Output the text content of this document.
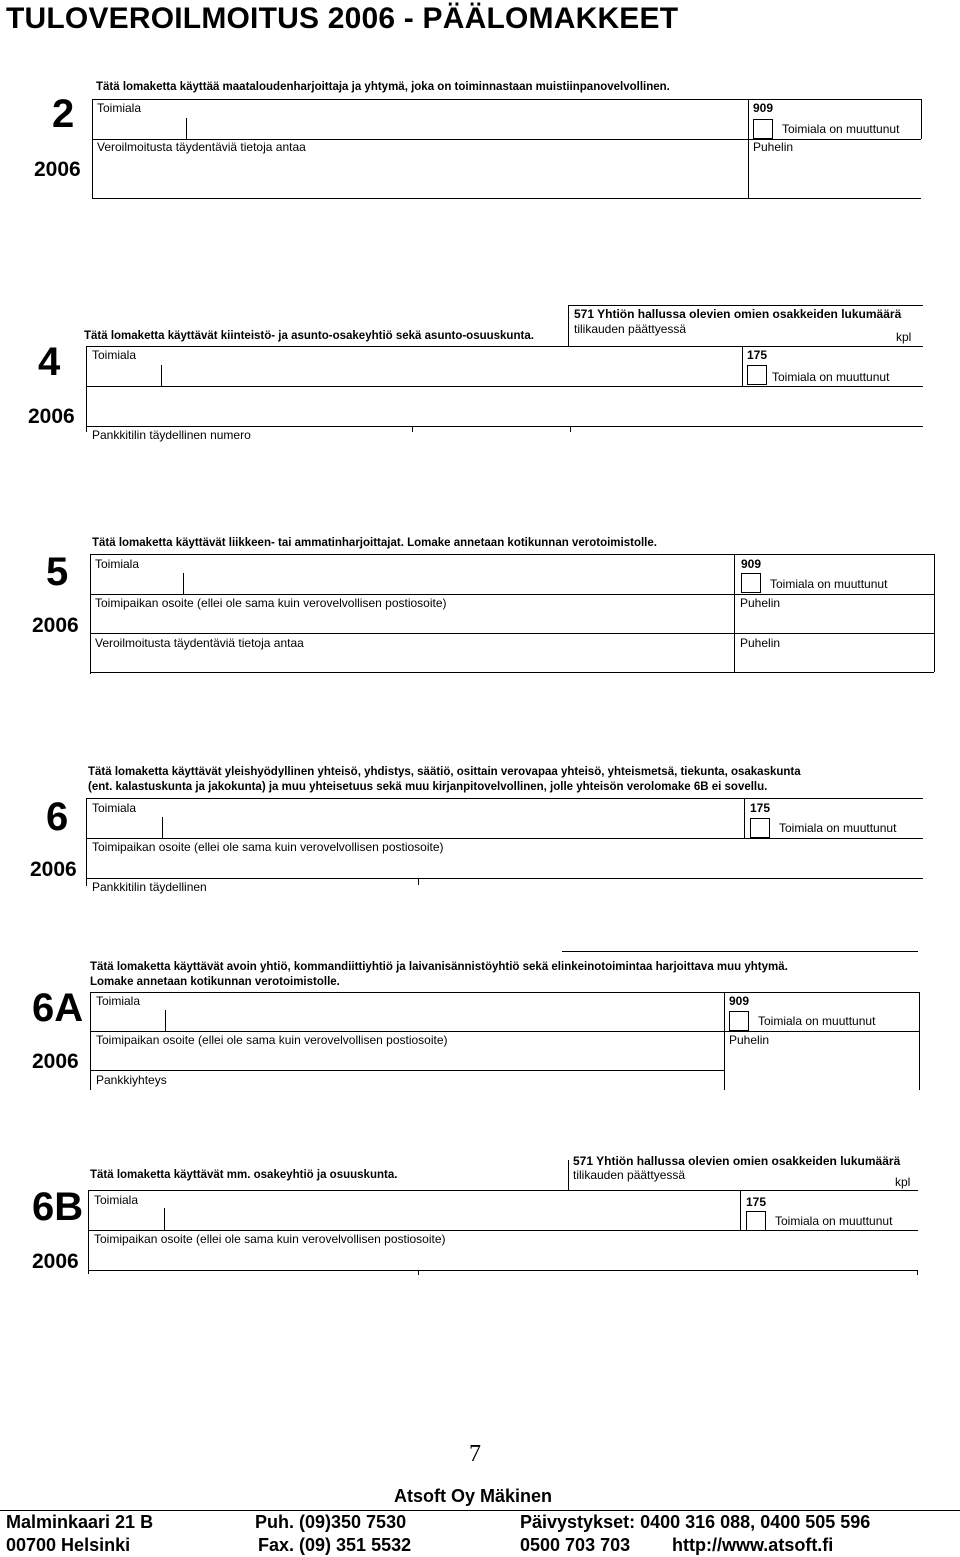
TULOVEROILMOITUS 2006 - PÄÄLOMAKKEET
2
2006
Tätä lomaketta käyttää maataloudenharjoittaja ja yhtymä, joka on toiminnastaan muistiinpanovelvollinen.
Toimiala	909
Toimiala on muuttunut
Veroilmoitusta täydentäviä tietoja antaa	Puhelin
4
2006
Tätä lomaketta käyttävät kiinteistö- ja asunto-osakeyhtiö sekä asunto-osuuskunta.
571 Yhtiön hallussa olevien omien osakkeiden lukumäärä
tilikauden päättyessä
kpl
Toimiala	175
Toimiala on muuttunut
Pankkitilin täydellinen numero
5
2006
Tätä lomaketta käyttävät liikkeen- tai ammatinharjoittajat. Lomake annetaan kotikunnan verotoimistolle.
Toimiala	909
Toimiala on muuttunut
Toimipaikan osoite (ellei ole sama kuin verovelvollisen postiosoite)	Puhelin
Veroilmoitusta täydentäviä tietoja antaa	Puhelin
6
2006
Tätä lomaketta käyttävät yleishyödyllinen yhteisö, yhdistys, säätiö, osittain verovapaa yhteisö, yhteismetsä, tiekunta, osakaskunta
(ent. kalastuskunta ja jakokunta) ja muu yhteisetuus sekä muu kirjanpitovelvollinen, jolle yhteisön verolomake 6B ei sovellu.
Toimiala	175
Toimiala on muuttunut
Toimipaikan osoite (ellei ole sama kuin verovelvollisen postiosoite)
Pankkitilin täydellinen
6A
2006
Tätä lomaketta käyttävät avoin yhtiö, kommandiittiyhtiö ja laivanisännistöyhtiö sekä elinkeinotoimintaa harjoittava muu yhtymä.
Lomake annetaan kotikunnan verotoimistolle.
Toimiala	909
Toimiala on muuttunut
Toimipaikan osoite (ellei ole sama kuin verovelvollisen postiosoite)	Puhelin
Pankkiyhteys
6B
2006
571 Yhtiön hallussa olevien omien osakkeiden lukumäärä
tilikauden päättyessä	kpl
Tätä lomaketta käyttävät mm. osakeyhtiö ja osuuskunta.
Toimiala	175
Toimiala on muuttunut
Toimipaikan osoite (ellei ole sama kuin verovelvollisen postiosoite)
7
Atsoft Oy Mäkinen
Malminkaari 21 B
00700 Helsinki
Puh. (09)350 7530
Fax. (09) 351 5532
Päivystykset: 0400 316 088, 0400 505 596
0500 703 703 http://www.atsoft.fi
